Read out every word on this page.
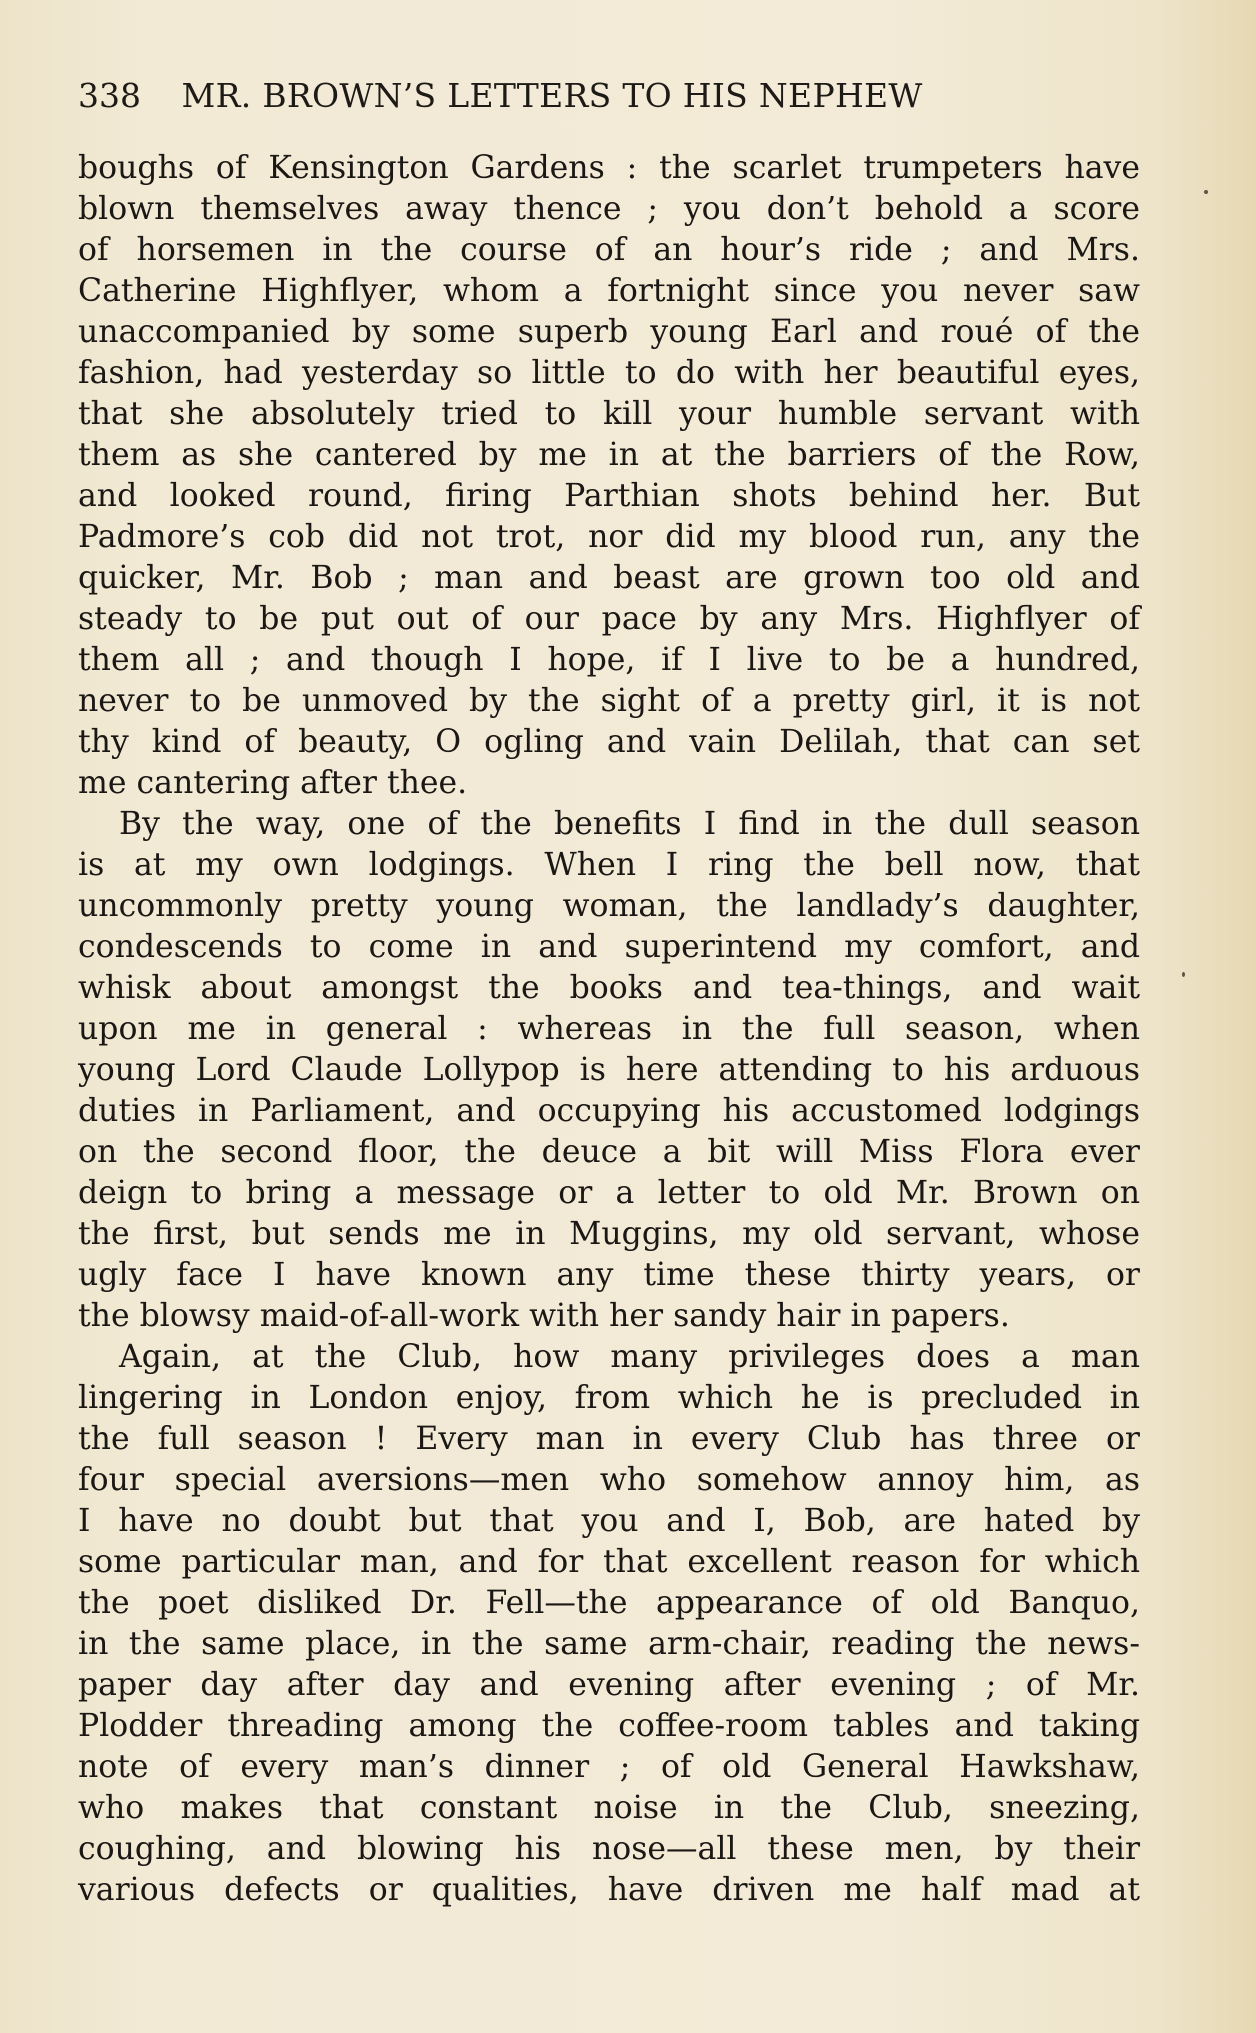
338 MR. BROWN’S LETTERS TO HIS NEPHEW
boughs of Kensington Gardens : the scarlet trumpeters have
blown themselves away thence ; you don’t behold a score
of horsemen in the course of an hour’s ride ; and Mrs.
Catherine Highflyer, whom a fortnight since you never saw
unaccompanied by some superb young Earl and roué of the
fashion, had yesterday so little to do with her beautiful eyes,
that she absolutely tried to kill your humble servant with
them as she cantered by me in at the barriers of the Row,
and looked round, firing Parthian shots behind her. But
Padmore’s cob did not trot, nor did my blood run, any the
quicker, Mr. Bob ; man and beast are grown too old and
steady to be put out of our pace by any Mrs. Highflyer of
them all ; and though I hope, if I live to be a hundred,
never to be unmoved by the sight of a pretty girl, it is not
thy kind of beauty, O ogling and vain Delilah, that can set
me cantering after thee.
By the way, one of the benefits I find in the dull season
is at my own lodgings. When I ring the bell now, that
uncommonly pretty young woman, the landlady’s daughter,
condescends to come in and superintend my comfort, and
whisk about amongst the books and tea-things, and wait
upon me in general : whereas in the full season, when
young Lord Claude Lollypop is here attending to his arduous
duties in Parliament, and occupying his accustomed lodgings
on the second floor, the deuce a bit will Miss Flora ever
deign to bring a message or a letter to old Mr. Brown on
the first, but sends me in Muggins, my old servant, whose
ugly face I have known any time these thirty years, or
the blowsy maid-of-all-work with her sandy hair in papers.
Again, at the Club, how many privileges does a man
lingering in London enjoy, from which he is precluded in
the full season ! Every man in every Club has three or
four special aversions—men who somehow annoy him, as
I have no doubt but that you and I, Bob, are hated by
some particular man, and for that excellent reason for which
the poet disliked Dr. Fell—the appearance of old Banquo,
in the same place, in the same arm-chair, reading the news-
paper day after day and evening after evening ; of Mr.
Plodder threading among the coffee-room tables and taking
note of every man’s dinner ; of old General Hawkshaw,
who makes that constant noise in the Club, sneezing,
coughing, and blowing his nose—all these men, by their
various defects or qualities, have driven me half mad at
